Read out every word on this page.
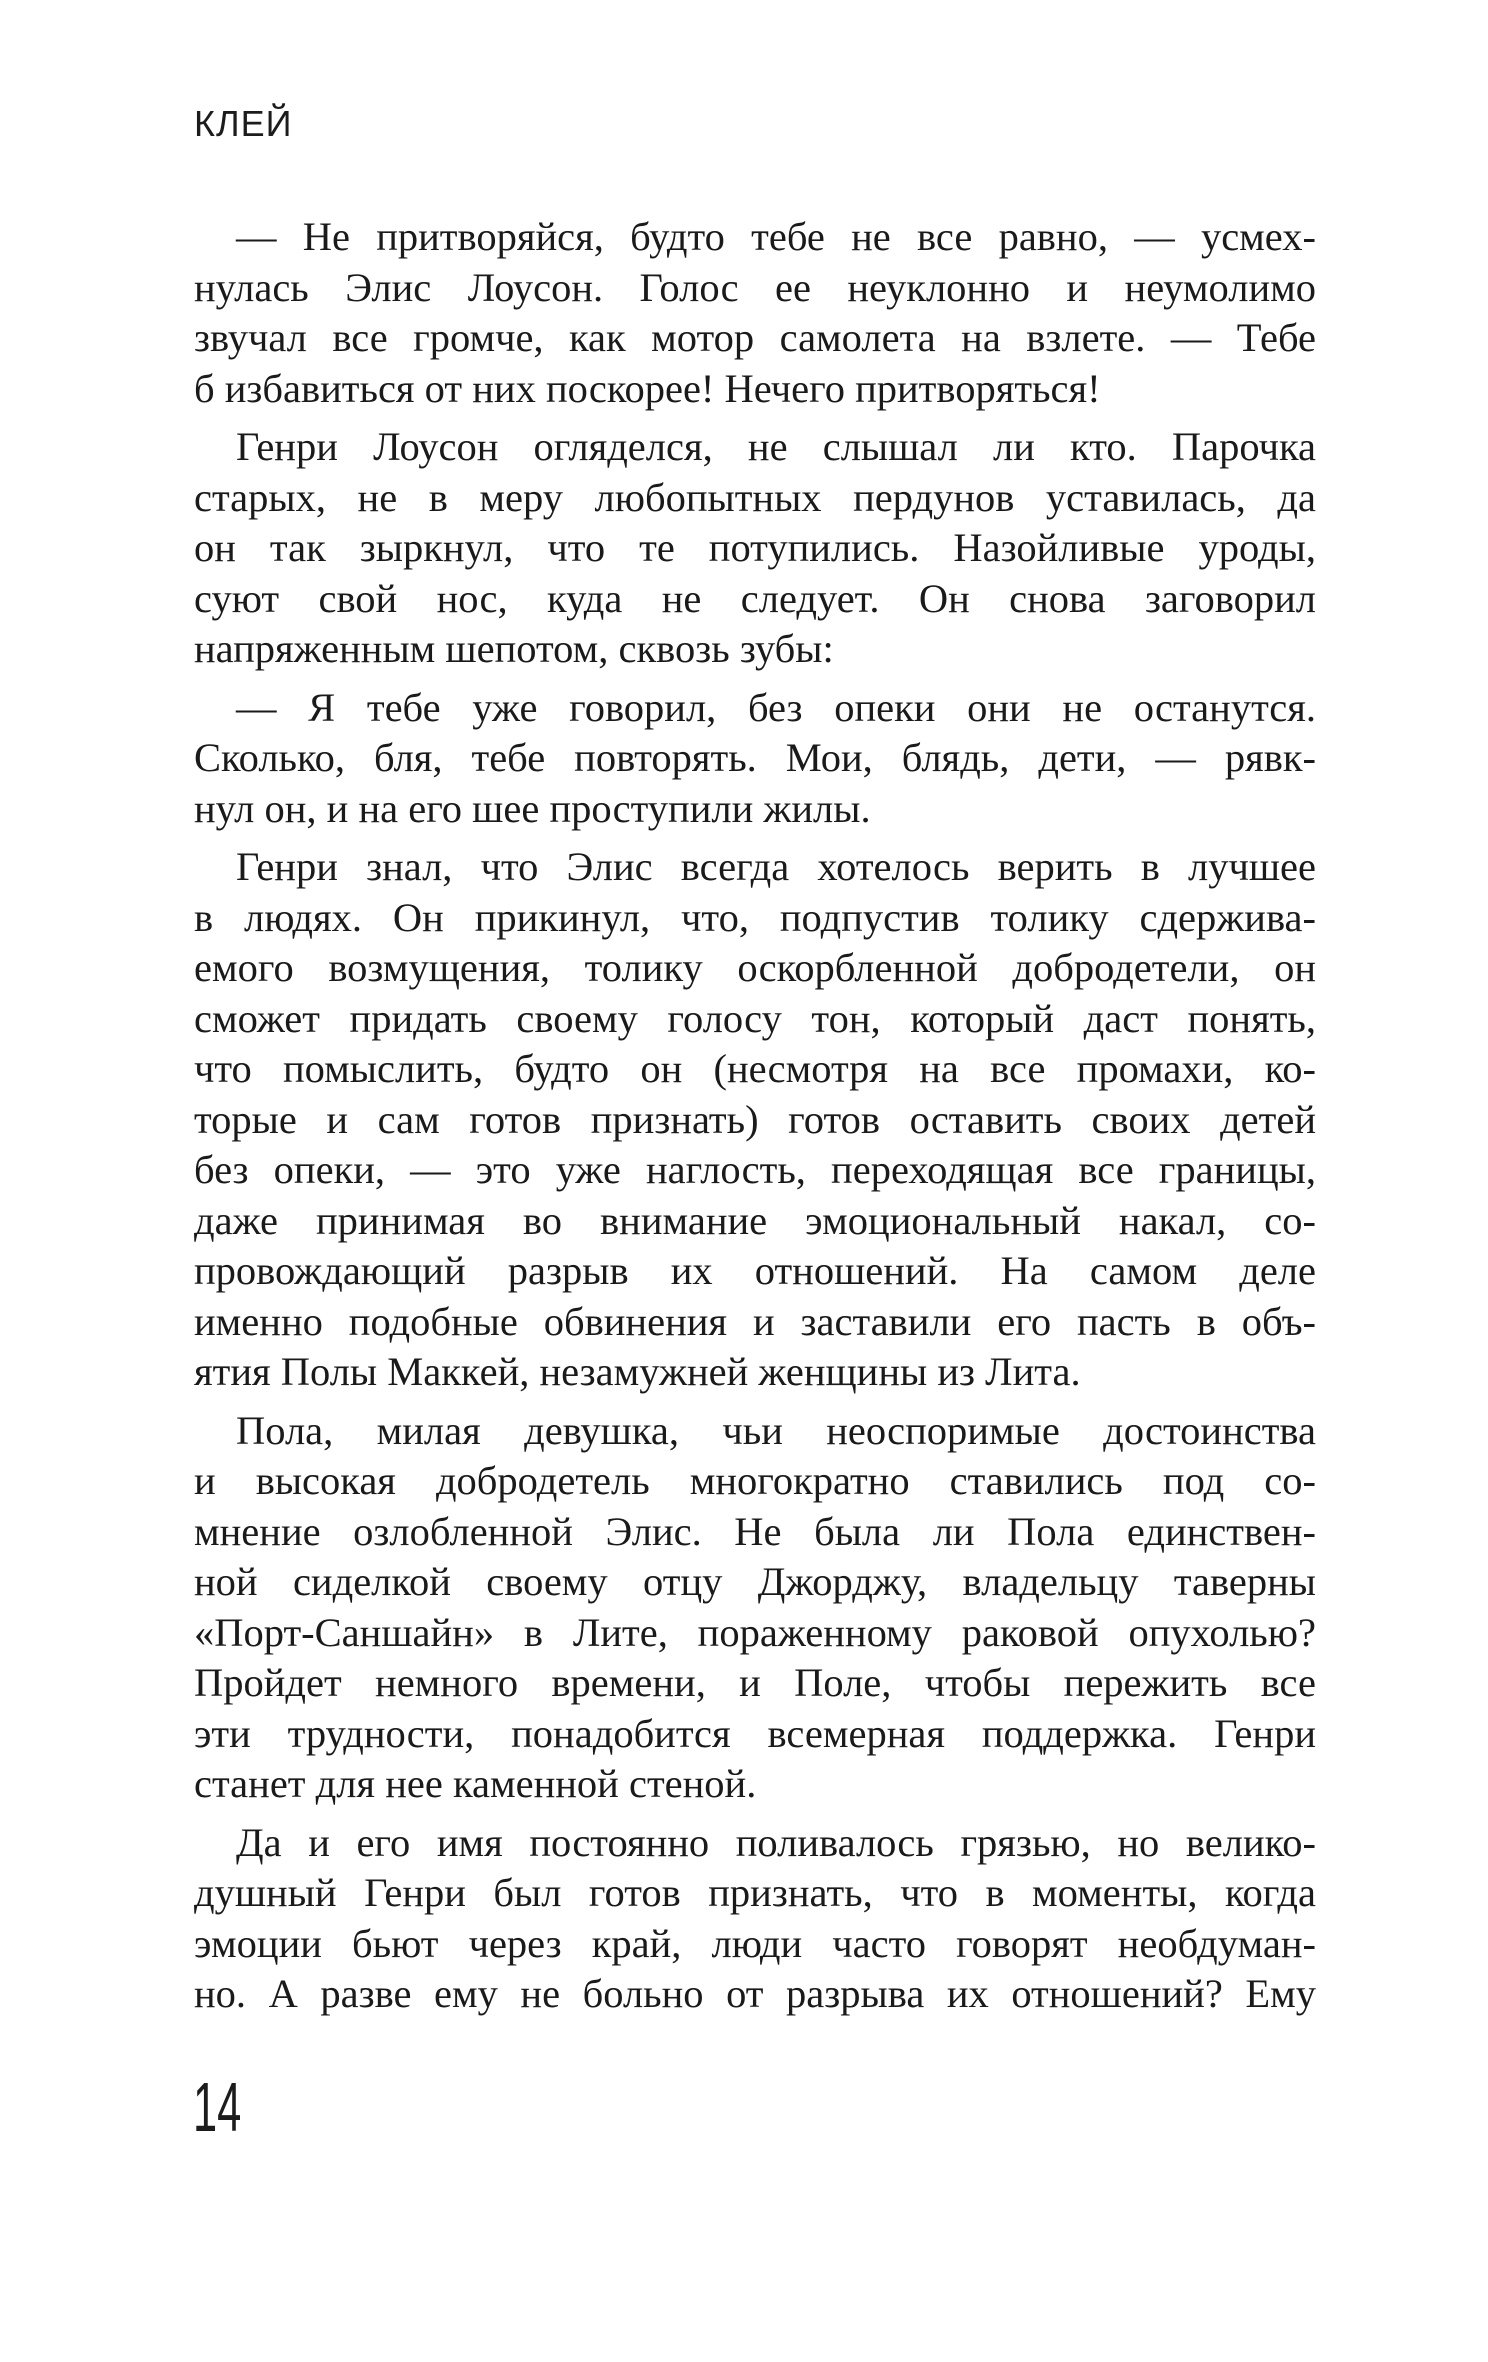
КЛЕЙ
— Не притворяйся, будто тебе не все равно, — усмех-
нулась Элис Лоусон. Голос ее неуклонно и неумолимо
звучал все громче, как мотор самолета на взлете. — Тебе
б избавиться от них поскорее! Нечего притворяться!
Генри Лоусон огляделся, не слышал ли кто. Парочка
старых, не в меру любопытных пердунов уставилась, да
он так зыркнул, что те потупились. Назойливые уроды,
суют свой нос, куда не следует. Он снова заговорил
напряженным шепотом, сквозь зубы:
— Я тебе уже говорил, без опеки они не останутся.
Сколько, бля, тебе повторять. Мои, блядь, дети, — рявк-
нул он, и на его шее проступили жилы.
Генри знал, что Элис всегда хотелось верить в лучшее
в людях. Он прикинул, что, подпустив толику сдержива-
емого возмущения, толику оскорбленной добродетели, он
сможет придать своему голосу тон, который даст понять,
что помыслить, будто он (несмотря на все промахи, ко-
торые и сам готов признать) готов оставить своих детей
без опеки, — это уже наглость, переходящая все границы,
даже принимая во внимание эмоциональный накал, со-
провождающий разрыв их отношений. На самом деле
именно подобные обвинения и заставили его пасть в объ-
ятия Полы Маккей, незамужней женщины из Лита.
Пола, милая девушка, чьи неоспоримые достоинства
и высокая добродетель многократно ставились под со-
мнение озлобленной Элис. Не была ли Пола единствен-
ной сиделкой своему отцу Джорджу, владельцу таверны
«Порт-Саншайн» в Лите, пораженному раковой опухолью?
Пройдет немного времени, и Поле, чтобы пережить все
эти трудности, понадобится всемерная поддержка. Генри
станет для нее каменной стеной.
Да и его имя постоянно поливалось грязью, но велико-
душный Генри был готов признать, что в моменты, когда
эмоции бьют через край, люди часто говорят необдуман-
но. А разве ему не больно от разрыва их отношений? Ему
14
